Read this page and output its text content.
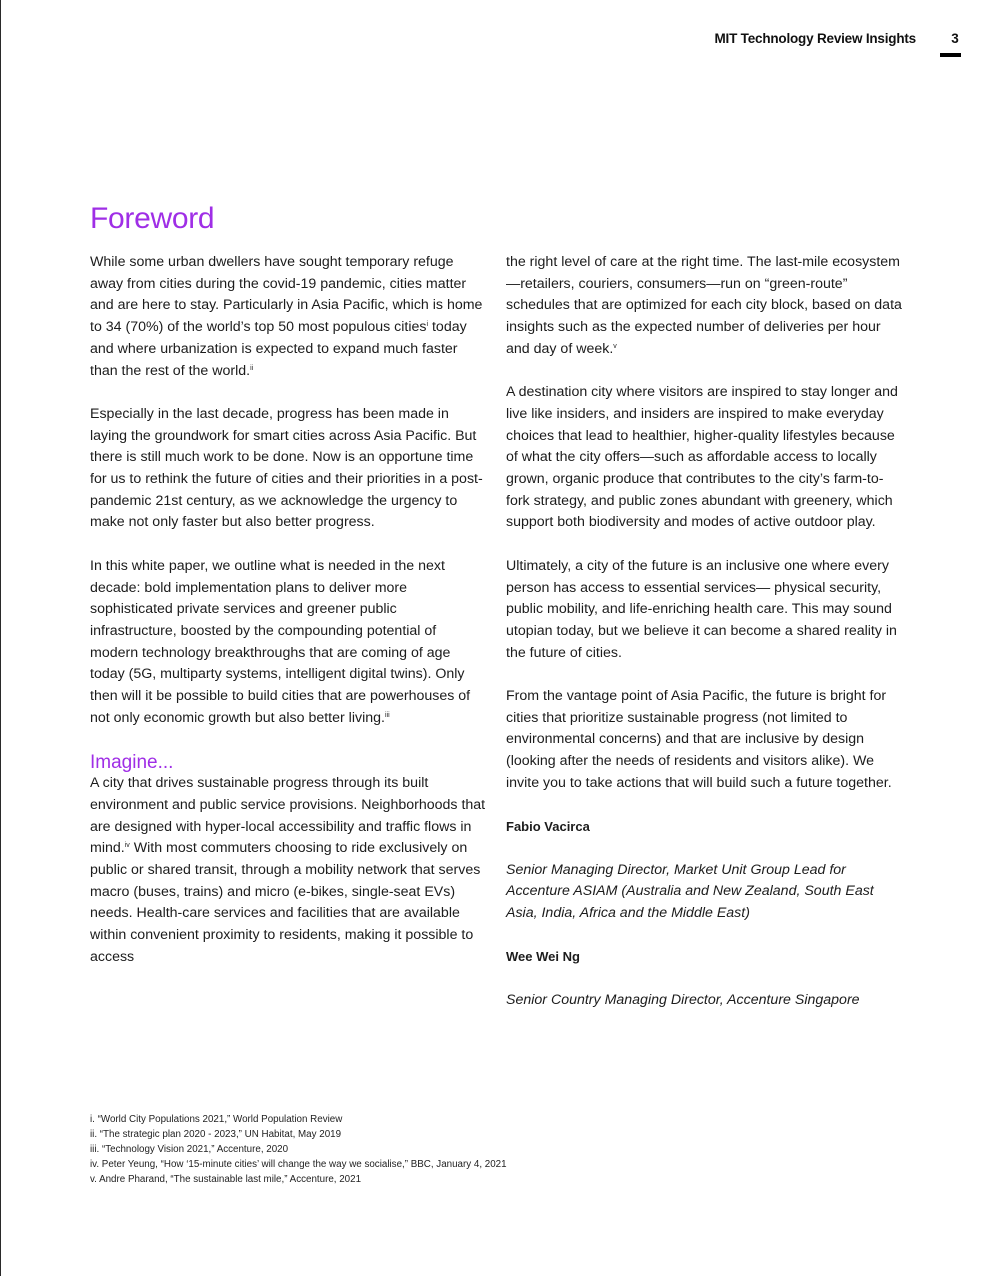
MIT Technology Review Insights	3
Foreword

While some urban dwellers have sought temporary refuge away from cities during the covid-19 pandemic, cities matter and are here to stay. Particularly in Asia Pacific, which is home to 34 (70%) of the world’s top 50 most populous cities$^i$ today and where urbanization is expected to expand much faster than the rest of the world.$^{ii}$

Especially in the last decade, progress has been made in laying the groundwork for smart cities across Asia Pacific. But there is still much work to be done. Now is an opportune time for us to rethink the future of cities and their priorities in a post-pandemic 21st century, as we acknowledge the urgency to make not only faster but also better progress.

In this white paper, we outline what is needed in the next decade: bold implementation plans to deliver more sophisticated private services and greener public infrastructure, boosted by the compounding potential of modern technology breakthroughs that are coming of age today (5G, multiparty systems, intelligent digital twins). Only then will it be possible to build cities that are powerhouses of not only economic growth but also better living.$^{iii}$

Imagine...

A city that drives sustainable progress through its built environment and public service provisions. Neighborhoods that are designed with hyper-local accessibility and traffic flows in mind.$^{iv}$ With most commuters choosing to ride exclusively on public or shared transit, through a mobility network that serves macro (buses, trains) and micro (e-bikes, single-seat EVs) needs. Health-care services and facilities that are available within convenient proximity to residents, making it possible to access

the right level of care at the right time. The last-mile ecosystem—retailers, couriers, consumers—run on “green-route” schedules that are optimized for each city block, based on data insights such as the expected number of deliveries per hour and day of week.$^v$

A destination city where visitors are inspired to stay longer and live like insiders, and insiders are inspired to make everyday choices that lead to healthier, higher-quality lifestyles because of what the city offers—such as affordable access to locally grown, organic produce that contributes to the city’s farm-to-fork strategy, and public zones abundant with greenery, which support both biodiversity and modes of active outdoor play.

Ultimately, a city of the future is an inclusive one where every person has access to essential services— physical security, public mobility, and life-enriching health care. This may sound utopian today, but we believe it can become a shared reality in the future of cities.

From the vantage point of Asia Pacific, the future is bright for cities that prioritize sustainable progress (not limited to environmental concerns) and that are inclusive by design (looking after the needs of residents and visitors alike). We invite you to take actions that will build such a future together.

Fabio Vacirca

Senior Managing Director, Market Unit Group Lead for Accenture ASIAM (Australia and New Zealand, South East Asia, India, Africa and the Middle East)

Wee Wei Ng

Senior Country Managing Director, Accenture Singapore

i. “World City Populations 2021,” World Population Review
ii. “The strategic plan 2020 - 2023,” UN Habitat, May 2019
iii. “Technology Vision 2021,” Accenture, 2020
iv. Peter Yeung, “How ‘15-minute cities’ will change the way we socialise,” BBC, January 4, 2021
v. Andre Pharand, “The sustainable last mile,” Accenture, 2021
